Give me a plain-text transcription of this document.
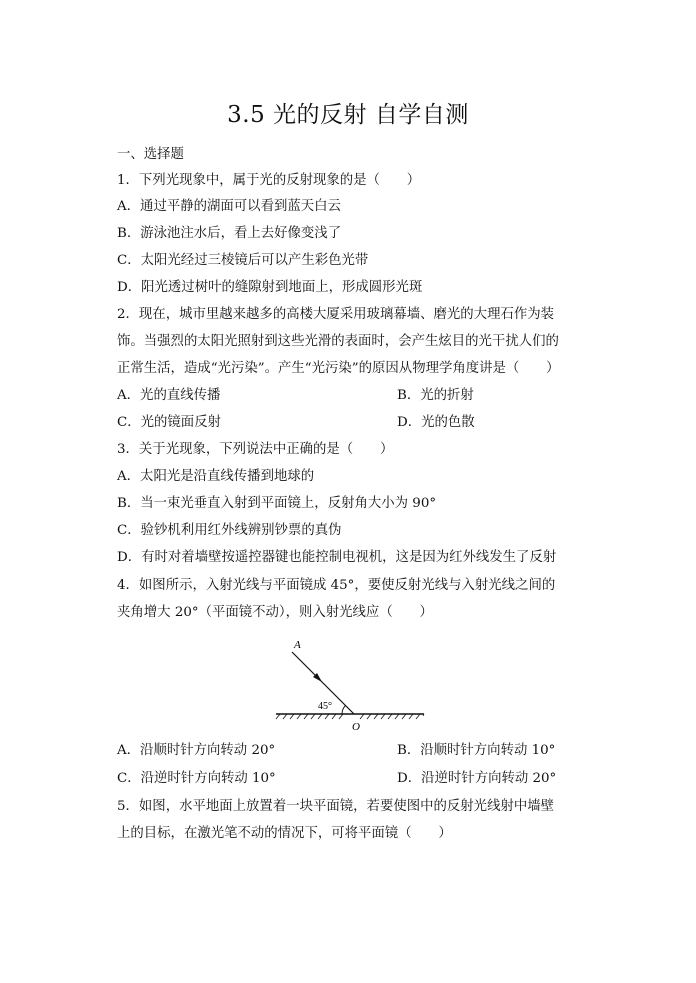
3.5 光的反射 自学自测
一、选择题
1．下列光现象中，属于光的反射现象的是（　　）
A．通过平静的湖面可以看到蓝天白云
B．游泳池注水后，看上去好像变浅了
C．太阳光经过三棱镜后可以产生彩色光带
D．阳光透过树叶的缝隙射到地面上，形成圆形光斑
2．现在，城市里越来越多的高楼大厦采用玻璃幕墙、磨光的大理石作为装
饰。当强烈的太阳光照射到这些光滑的表面时，会产生炫目的光干扰人们的
正常生活，造成“光污染”。产生“光污染”的原因从物理学角度讲是（　　）
A．光的直线传播	B．光的折射
C．光的镜面反射	D．光的色散
3．关于光现象，下列说法中正确的是（　　）
A．太阳光是沿直线传播到地球的
B．当一束光垂直入射到平面镜上，反射角大小为 90°
C．验钞机利用红外线辨别钞票的真伪
D．有时对着墙壁按遥控器键也能控制电视机，这是因为红外线发生了反射
4．如图所示，入射光线与平面镜成 45°，要使反射光线与入射光线之间的
夹角增大 20°（平面镜不动），则入射光线应（　　）
A
O
45°
A．沿顺时针方向转动 20°	B．沿顺时针方向转动 10°
C．沿逆时针方向转动 10°	D．沿逆时针方向转动 20°
5．如图，水平地面上放置着一块平面镜，若要使图中的反射光线射中墙壁
上的目标，在激光笔不动的情况下，可将平面镜（　　）
